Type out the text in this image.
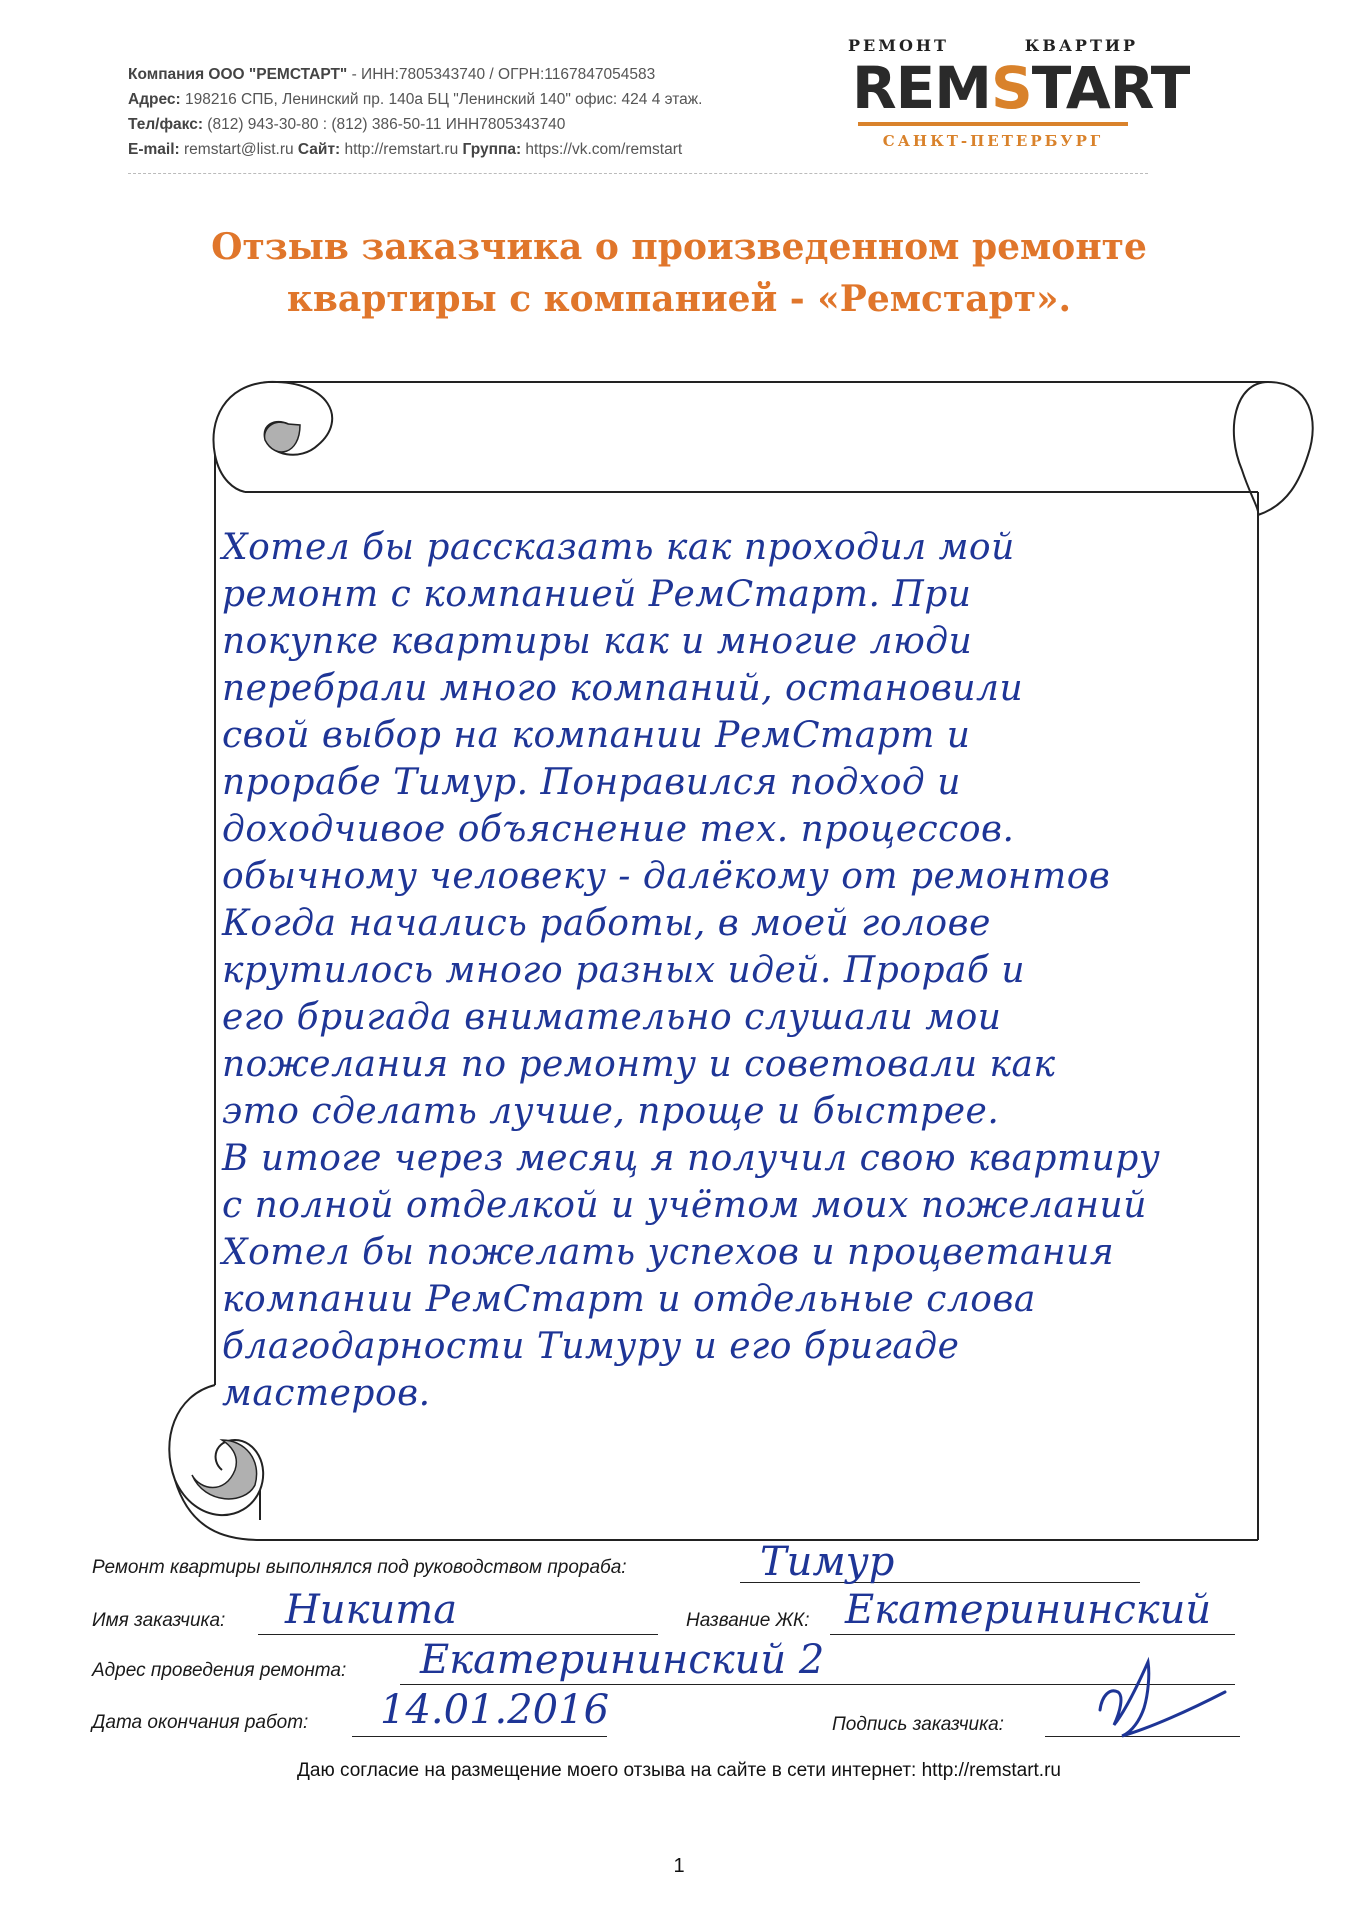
Компания ООО "РЕМСТАРТ" - ИНН:7805343740 / ОГРН:1167847054583
Адрес: 198216 СПБ, Ленинский пр. 140а БЦ "Ленинский 140" офис: 424 4 этаж.
Тел/факс: (812) 943-30-80 : (812) 386-50-11 ИНН7805343740
E-mail: remstart@list.ru Сайт: http://remstart.ru Группа: https://vk.com/remstart
РЕМОНТ	КВАРТИР
REMSTART
САНКТ-ПЕТЕРБУРГ
Отзыв заказчика о произведенном ремонте
квартиры с компанией - «Ремстарт».
Хотел бы рассказать как проходил мой
ремонт с компанией РемСтарт. При
покупке квартиры как и многие люди
перебрали много компаний, остановили
свой выбор на компании РемСтарт и
прорабе Тимур. Понравился подход и
доходчивое объяснение тех. процессов.
обычному человеку - далёкому от ремонтов
Когда начались работы, в моей голове
крутилось много разных идей. Прораб и
его бригада внимательно слушали мои
пожелания по ремонту и советовали как
это сделать лучше, проще и быстрее.
В итоге через месяц я получил свою квартиру
с полной отделкой и учётом моих пожеланий
Хотел бы пожелать успехов и процветания
компании РемСтарт и отдельные слова
благодарности Тимуру и его бригаде
мастеров.
Ремонт квартиры выполнялся под руководством прораба:	Тимур
Имя заказчика: Никита	Название ЖК: Екатерининский
Адрес проведения ремонта: Екатерининский 2
Дата окончания работ: 14.01.2016	Подпись заказчика:
Даю согласие на размещение моего отзыва на сайте в сети интернет: http://remstart.ru
1
